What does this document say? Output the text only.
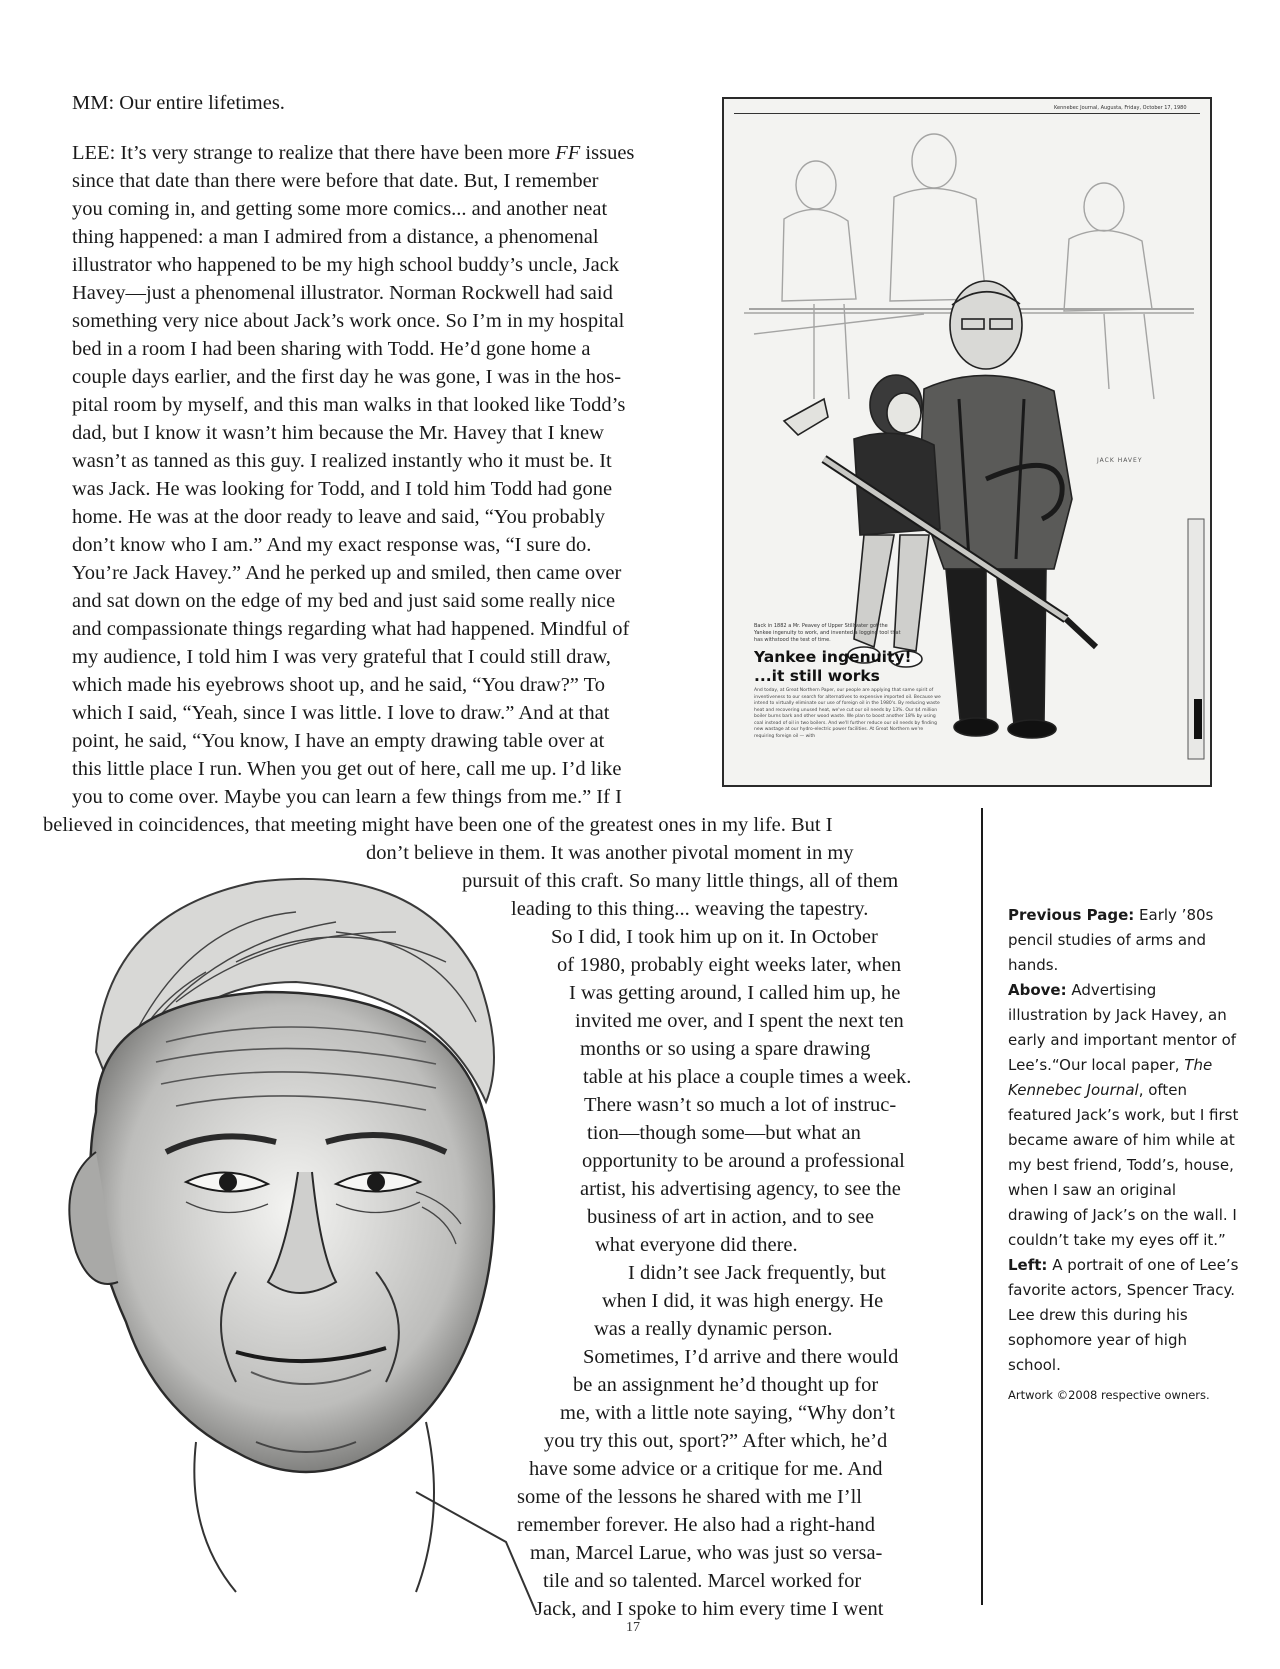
MM: Our entire lifetimes.
LEE: It’s very strange to realize that there have been more FF issues
since that date than there were before that date. But, I remember
you coming in, and getting some more comics... and another neat
thing happened: a man I admired from a distance, a phenomenal
illustrator who happened to be my high school buddy’s uncle, Jack
Havey—just a phenomenal illustrator. Norman Rockwell had said
something very nice about Jack’s work once. So I’m in my hospital
bed in a room I had been sharing with Todd. He’d gone home a
couple days earlier, and the first day he was gone, I was in the hos-
pital room by myself, and this man walks in that looked like Todd’s
dad, but I know it wasn’t him because the Mr. Havey that I knew
wasn’t as tanned as this guy. I realized instantly who it must be. It
was Jack. He was looking for Todd, and I told him Todd had gone
home. He was at the door ready to leave and said, “You probably
don’t know who I am.” And my exact response was, “I sure do.
You’re Jack Havey.” And he perked up and smiled, then came over
and sat down on the edge of my bed and just said some really nice
and compassionate things regarding what had happened. Mindful of
my audience, I told him I was very grateful that I could still draw,
which made his eyebrows shoot up, and he said, “You draw?” To
which I said, “Yeah, since I was little. I love to draw.” And at that
point, he said, “You know, I have an empty drawing table over at
this little place I run. When you get out of here, call me up. I’d like
you to come over. Maybe you can learn a few things from me.” If I
believed in coincidences, that meeting might have been one of the greatest ones in my life. But I
don’t believe in them. It was another pivotal moment in my
pursuit of this craft. So many little things, all of them
leading to this thing... weaving the tapestry.
So I did, I took him up on it. In October
of 1980, probably eight weeks later, when
I was getting around, I called him up, he
invited me over, and I spent the next ten
months or so using a spare drawing
table at his place a couple times a week.
There wasn’t so much a lot of instruc-
tion—though some—but what an
opportunity to be around a professional
artist, his advertising agency, to see the
business of art in action, and to see
what everyone did there.
I didn’t see Jack frequently, but
when I did, it was high energy. He
was a really dynamic person.
Sometimes, I’d arrive and there would
be an assignment he’d thought up for
me, with a little note saying, “Why don’t
you try this out, sport?” After which, he’d
have some advice or a critique for me. And
some of the lessons he shared with me I’ll
remember forever. He also had a right-hand
man, Marcel Larue, who was just so versa-
tile and so talented. Marcel worked for
Jack, and I spoke to him every time I went
Kennebec Journal, Augusta, Friday, October 17, 1980
JACK HAVEY
Back in 1882 a Mr. Peavey of Upper Stillwater got the Yankee ingenuity to work, and invented a logging tool that has withstood the test of time.
Yankee ingenuity!
...it still works
And today, at Great Northern Paper, our people are applying that same spirit of inventiveness to our search for alternatives to expensive imported oil. Because we intend to virtually eliminate our use of foreign oil in the 1980's. By reducing waste heat and recovering unused heat, we've cut our oil needs by 13%. Our $4 million boiler burns bark and other wood waste. We plan to boost another 18% by using coal instead of oil in two boilers. And we'll further reduce our oil needs by finding new wastage at our hydro-electric power facilities. At Great Northern we're requiring foreign oil — with

Previous Page: Early ’80s pencil studies of arms and hands.

Above: Advertising illustration by Jack Havey, an early and important mentor of Lee’s.“Our local paper, The Kennebec Journal, often featured Jack’s work, but I first became aware of him while at my best friend, Todd’s, house, when I saw an original drawing of Jack’s on the wall. I couldn’t take my eyes off it.”

Left: A portrait of one of Lee’s favorite actors, Spencer Tracy. Lee drew this during his sophomore year of high school.

Artwork ©2008 respective owners.

17
